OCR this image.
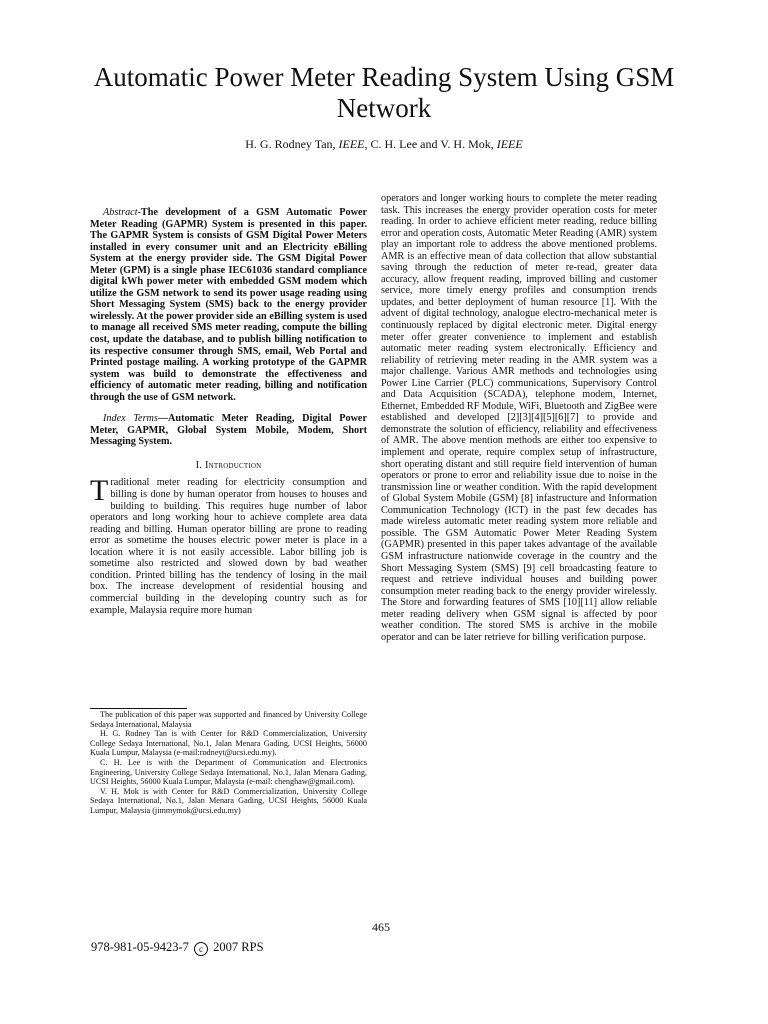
Automatic Power Meter Reading System Using GSM Network
H. G. Rodney Tan, IEEE, C. H. Lee and V. H. Mok, IEEE

Abstract-The development of a GSM Automatic Power Meter Reading (GAPMR) System is presented in this paper. The GAPMR System is consists of GSM Digital Power Meters installed in every consumer unit and an Electricity eBilling System at the energy provider side. The GSM Digital Power Meter (GPM) is a single phase IEC61036 standard compliance digital kWh power meter with embedded GSM modem which utilize the GSM network to send its power usage reading using Short Messaging System (SMS) back to the energy provider wirelessly. At the power provider side an eBilling system is used to manage all received SMS meter reading, compute the billing cost, update the database, and to publish billing notification to its respective consumer through SMS, email, Web Portal and Printed postage mailing. A working prototype of the GAPMR system was build to demonstrate the effectiveness and efficiency of automatic meter reading, billing and notification through the use of GSM network.

Index Terms—Automatic Meter Reading, Digital Power Meter, GAPMR, Global System Mobile, Modem, Short Messaging System.

I. Introduction

Traditional meter reading for electricity consumption and billing is done by human operator from houses to houses and building to building. This requires huge number of labor operators and long working hour to achieve complete area data reading and billing. Human operator billing are prone to reading error as sometime the houses electric power meter is place in a location where it is not easily accessible. Labor billing job is sometime also restricted and slowed down by bad weather condition. Printed billing has the tendency of losing in the mail box. The increase development of residential housing and commercial building in the developing country such as for example, Malaysia require more human

operators and longer working hours to complete the meter reading task. This increases the energy provider operation costs for meter reading. In order to achieve efficient meter reading, reduce billing error and operation costs, Automatic Meter Reading (AMR) system play an important role to address the above mentioned problems. AMR is an effective mean of data collection that allow substantial saving through the reduction of meter re-read, greater data accuracy, allow frequent reading, improved billing and customer service, more timely energy profiles and consumption trends updates, and better deployment of human resource [1]. With the advent of digital technology, analogue electro-mechanical meter is continuously replaced by digital electronic meter. Digital energy meter offer greater convenience to implement and establish automatic meter reading system electronically. Efficiency and reliability of retrieving meter reading in the AMR system was a major challenge. Various AMR methods and technologies using Power Line Carrier (PLC) communications, Supervisory Control and Data Acquisition (SCADA), telephone modem, Internet, Ethernet, Embedded RF Module, WiFi, Bluetooth and ZigBee were established and developed [2][3][4][5][6][7] to provide and demonstrate the solution of efficiency, reliability and effectiveness of AMR. The above mention methods are either too expensive to implement and operate, require complex setup of infrastructure, short operating distant and still require field intervention of human operators or prone to error and reliability issue due to noise in the transmission line or weather condition. With the rapid development of Global System Mobile (GSM) [8] infastructure and Information Communication Technology (ICT) in the past few decades has made wireless automatic meter reading system more reliable and possible. The GSM Automatic Power Meter Reading System (GAPMR) presented in this paper takes advantage of the available GSM infrastructure nationwide coverage in the country and the Short Messaging System (SMS) [9] cell broadcasting feature to request and retrieve individual houses and building power consumption meter reading back to the energy provider wirelessly. The Store and forwarding features of SMS [10][11] allow reliable meter reading delivery when GSM signal is affected by poor weather condition. The stored SMS is archive in the mobile operator and can be later retrieve for billing verification purpose.

The publication of this paper was supported and financed by University College Sedaya International, Malaysia

H. G. Rodney Tan is with Center for R&D Commercialization, University College Sedaya International, No.1, Jalan Menara Gading, UCSI Heights, 56000 Kuala Lumpur, Malaysia (e-mail:rodneyt@ucsi.edu.my).

C. H. Lee is with the Department of Communication and Electronics Engineering, University College Sedaya International, No.1, Jalan Menara Gading, UCSI Heights, 56000 Kuala Lumpur, Malaysia (e-mail: chenghaw@gmail.com).

V. H. Mok is with Center for R&D Commercialization, University College Sedaya International, No.1, Jalan Menara Gading, UCSI Heights, 56000 Kuala Lumpur, Malaysia (jimmymok@ucsi.edu.my)

465
978-981-05-9423-7 c 2007 RPS
